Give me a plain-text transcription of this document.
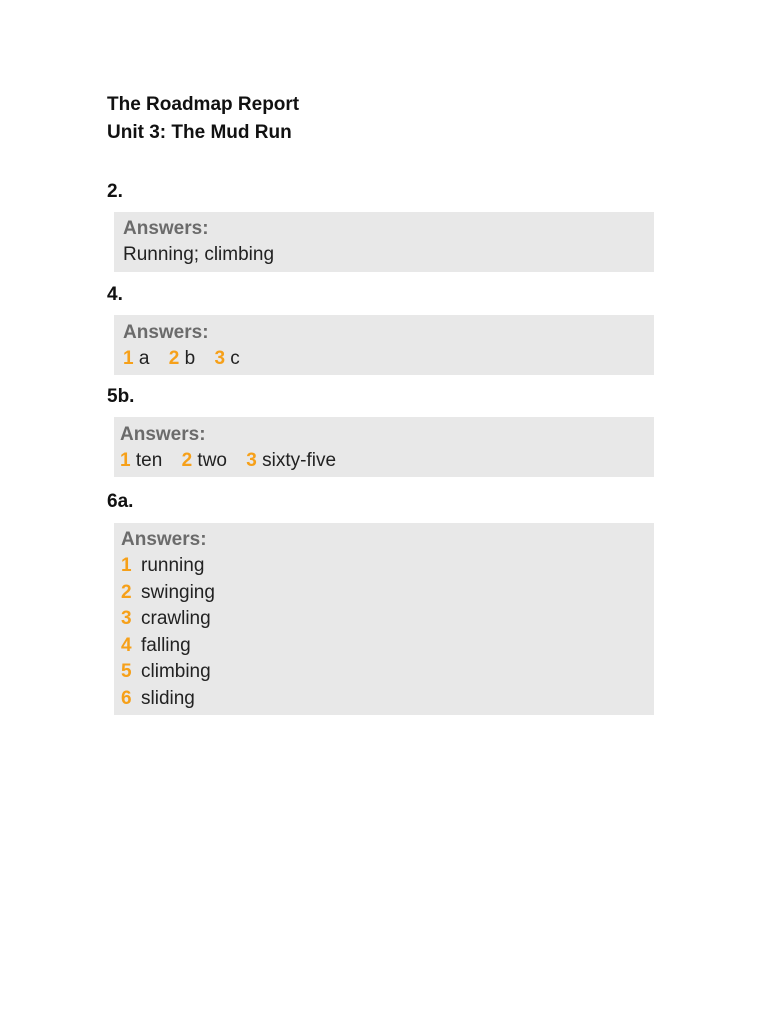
The Roadmap Report
Unit 3: The Mud Run
2.
Answers:
Running; climbing
4.
Answers:
1 a 2 b 3 c
5b.
Answers:
1 ten 2 two 3 sixty-five
6a.
Answers:
1 running
2 swinging
3 crawling
4 falling
5 climbing
6 sliding
